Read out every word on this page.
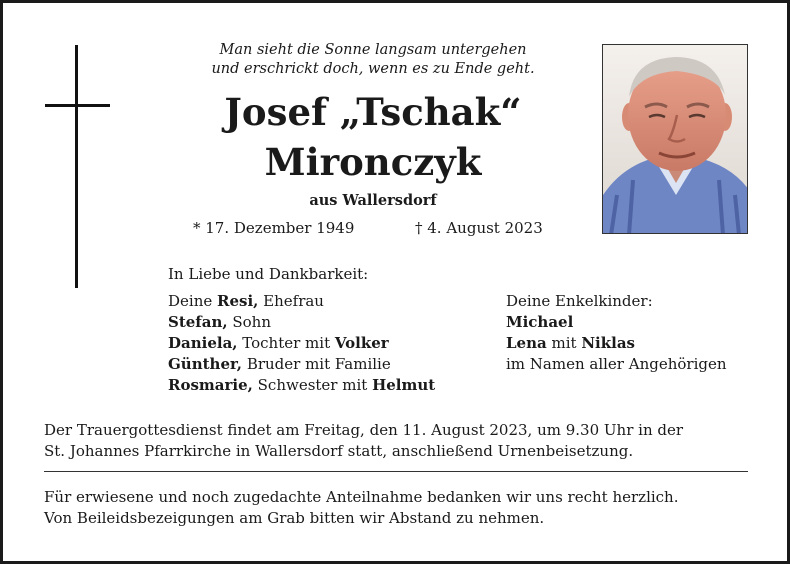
Man sieht die Sonne langsam untergehen
und erschrickt doch, wenn es zu Ende geht.
Josef „Tschak“
Mironczyk
aus Wallersdorf
* 17. Dezember 1949	† 4. August 2023
In Liebe und Dankbarkeit:
Deine Resi, Ehefrau
Stefan, Sohn
Daniela, Tochter mit Volker
Günther, Bruder mit Familie
Rosmarie, Schwester mit Helmut
Deine Enkelkinder:
Michael
Lena mit Niklas
im Namen aller Angehörigen
Der Trauergottesdienst findet am Freitag, den 11. August 2023, um 9.30 Uhr in der
St. Johannes Pfarrkirche in Wallersdorf statt, anschließend Urnenbeisetzung.
Für erwiesene und noch zugedachte Anteilnahme bedanken wir uns recht herzlich.
Von Beileidsbezeigungen am Grab bitten wir Abstand zu nehmen.
